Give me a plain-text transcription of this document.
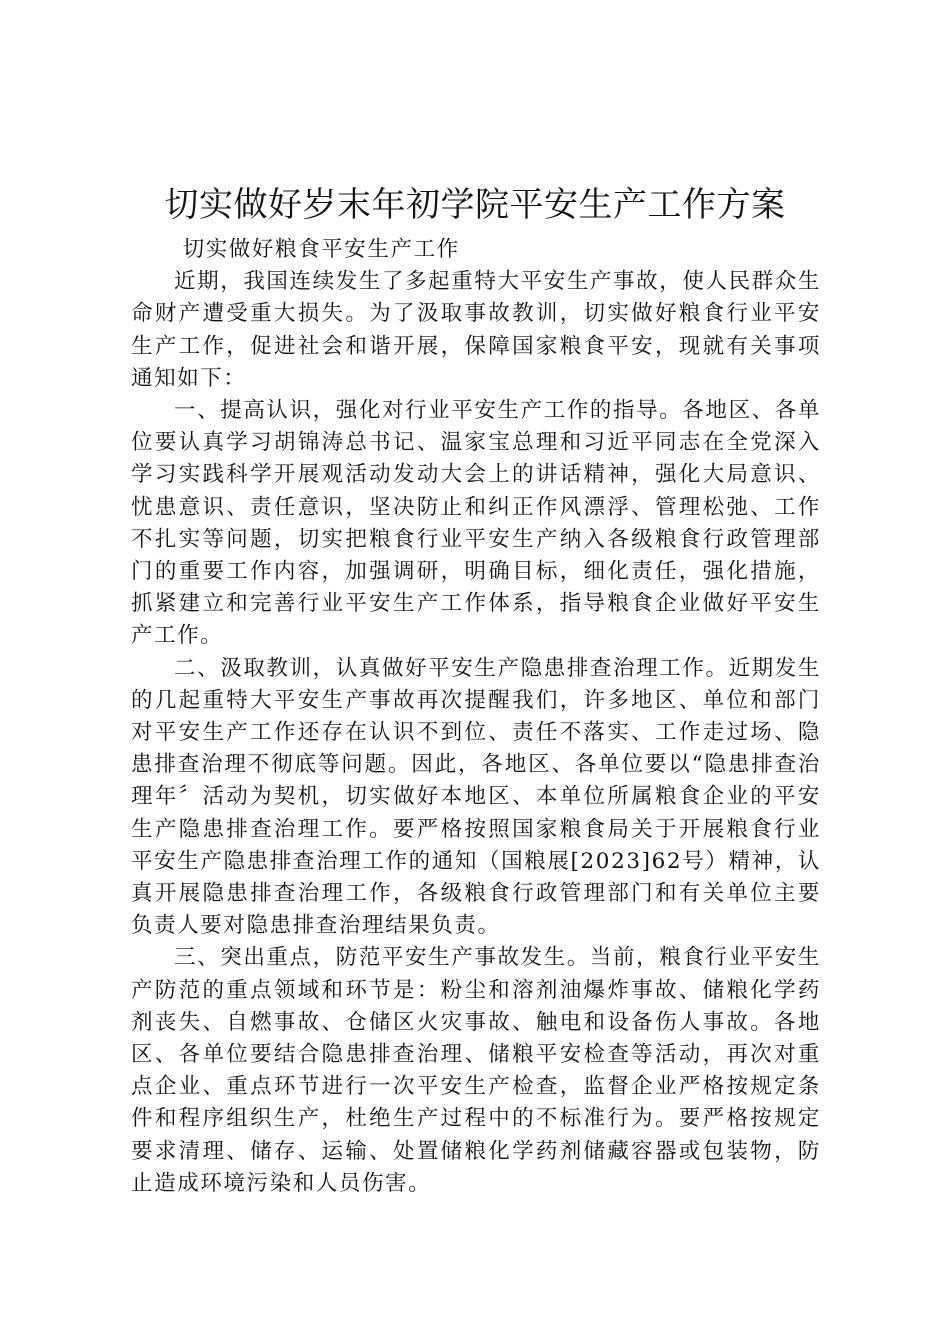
切实做好岁末年初学院平安生产工作方案

切实做好粮食平安生产工作

近期，我国连续发生了多起重特大平安生产事故，使人民群众生命财产遭受重大损失。为了汲取事故教训，切实做好粮食行业平安生产工作，促进社会和谐开展，保障国家粮食平安，现就有关事项通知如下：

一、提高认识，强化对行业平安生产工作的指导。各地区、各单位要认真学习胡锦涛总书记、温家宝总理和习近平同志在全党深入学习实践科学开展观活动发动大会上的讲话精神，强化大局意识、忧患意识、责任意识，坚决防止和纠正作风漂浮、管理松弛、工作不扎实等问题，切实把粮食行业平安生产纳入各级粮食行政管理部门的重要工作内容，加强调研，明确目标，细化责任，强化措施，抓紧建立和完善行业平安生产工作体系，指导粮食企业做好平安生产工作。

二、汲取教训，认真做好平安生产隐患排查治理工作。近期发生的几起重特大平安生产事故再次提醒我们，许多地区、单位和部门对平安生产工作还存在认识不到位、责任不落实、工作走过场、隐患排查治理不彻底等问题。因此，各地区、各单位要以“隐患排查治理年〞活动为契机，切实做好本地区、本单位所属粮食企业的平安生产隐患排查治理工作。要严格按照国家粮食局关于开展粮食行业平安生产隐患排查治理工作的通知（国粮展[2023]62号）精神，认真开展隐患排查治理工作，各级粮食行政管理部门和有关单位主要负责人要对隐患排查治理结果负责。

三、突出重点，防范平安生产事故发生。当前，粮食行业平安生产防范的重点领域和环节是：粉尘和溶剂油爆炸事故、储粮化学药剂丧失、自燃事故、仓储区火灾事故、触电和设备伤人事故。各地区、各单位要结合隐患排查治理、储粮平安检查等活动，再次对重点企业、重点环节进行一次平安生产检查，监督企业严格按规定条件和程序组织生产，杜绝生产过程中的不标准行为。要严格按规定要求清理、储存、运输、处置储粮化学药剂储藏容器或包装物，防止造成环境污染和人员伤害。
